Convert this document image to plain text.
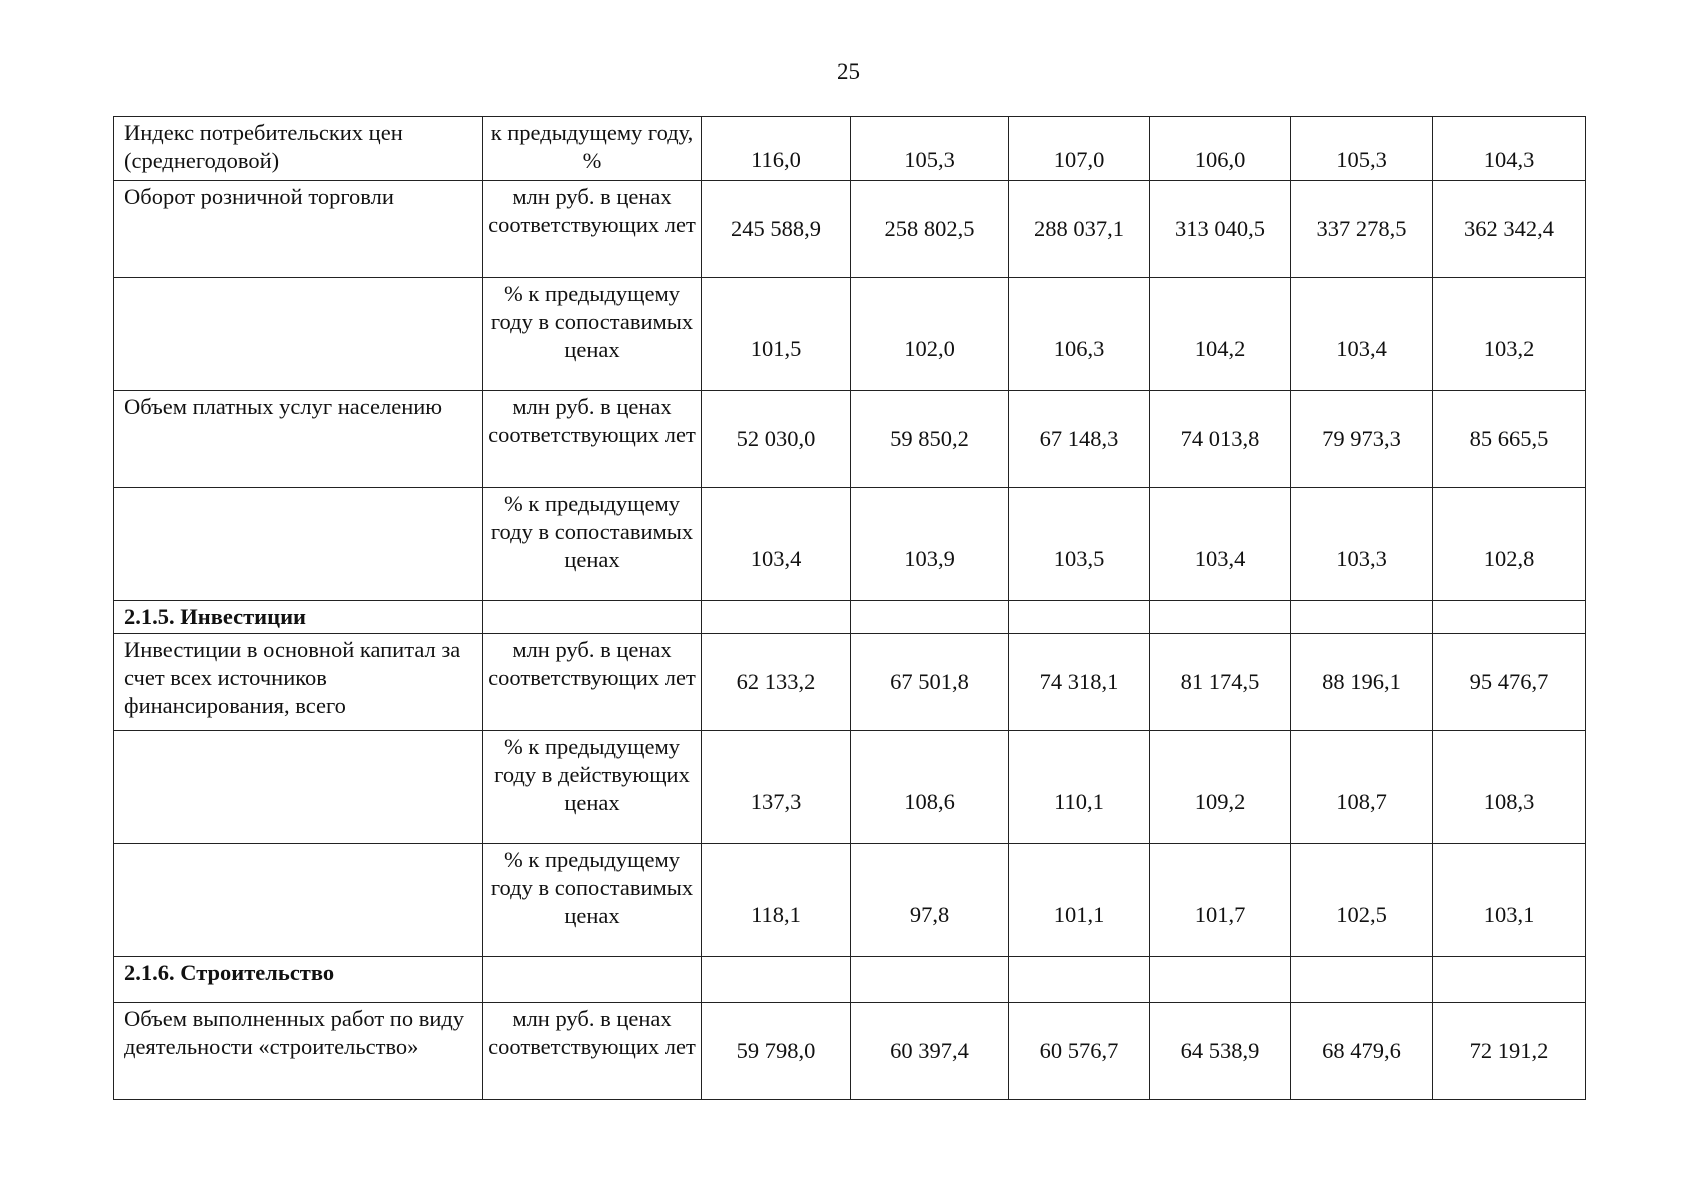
25
Индекс потребительских цен (среднегодовой)	к предыдущему году, %	116,0	105,3	107,0	106,0	105,3	104,3
Оборот розничной торговли	млн руб. в ценах соответствующих лет	245 588,9	258 802,5	288 037,1	313 040,5	337 278,5	362 342,4
	% к предыдущему году в сопоставимых ценах	101,5	102,0	106,3	104,2	103,4	103,2
Объем платных услуг населению	млн руб. в ценах соответствующих лет	52 030,0	59 850,2	67 148,3	74 013,8	79 973,3	85 665,5
	% к предыдущему году в сопоставимых ценах	103,4	103,9	103,5	103,4	103,3	102,8
2.1.5. Инвестиции							
Инвестиции в основной капитал за счет всех источников финансирования, всего	млн руб. в ценах соответствующих лет	62 133,2	67 501,8	74 318,1	81 174,5	88 196,1	95 476,7
	% к предыдущему году в действующих ценах	137,3	108,6	110,1	109,2	108,7	108,3
	% к предыдущему году в сопоставимых ценах	118,1	97,8	101,1	101,7	102,5	103,1
2.1.6. Строительство							
Объем выполненных работ по виду деятельности «строительство»	млн руб. в ценах соответствующих лет	59 798,0	60 397,4	60 576,7	64 538,9	68 479,6	72 191,2
